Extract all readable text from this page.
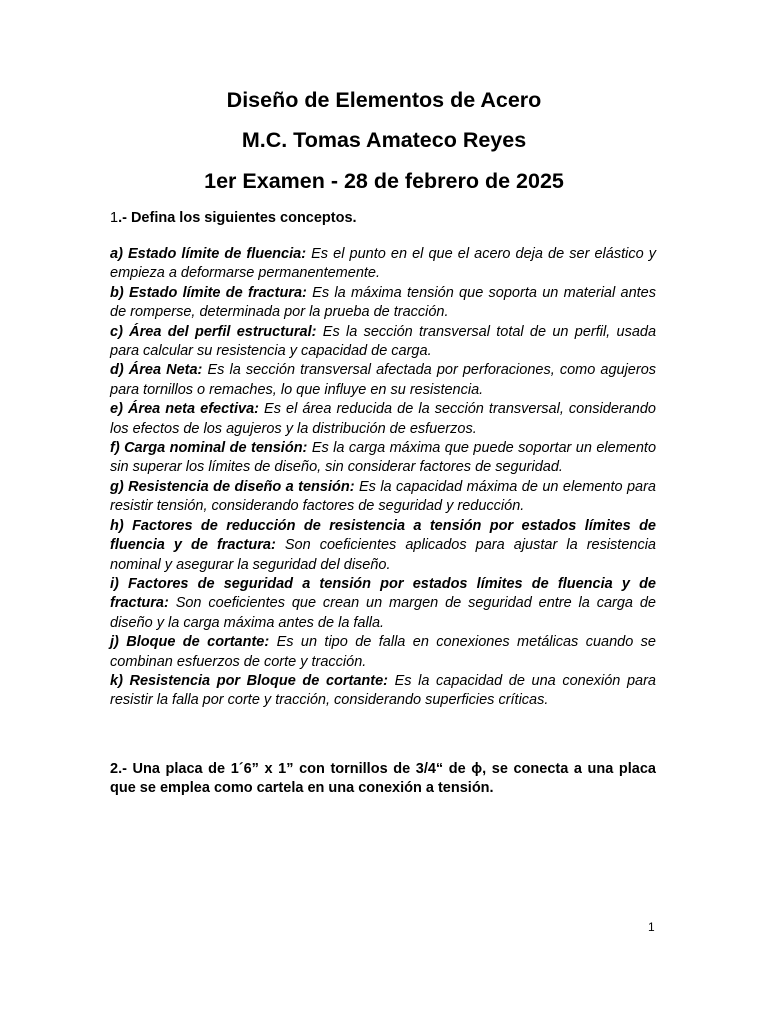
Diseño de Elementos de Acero
M.C. Tomas Amateco Reyes
1er Examen - 28 de febrero de 2025
1.- Defina los siguientes conceptos.
a) Estado límite de fluencia: Es el punto en el que el acero deja de ser elástico y empieza a deformarse permanentemente.
b) Estado límite de fractura: Es la máxima tensión que soporta un material antes de romperse, determinada por la prueba de tracción.
c) Área del perfil estructural: Es la sección transversal total de un perfil, usada para calcular su resistencia y capacidad de carga.
d) Área Neta: Es la sección transversal afectada por perforaciones, como agujeros para tornillos o remaches, lo que influye en su resistencia.
e) Área neta efectiva: Es el área reducida de la sección transversal, considerando los efectos de los agujeros y la distribución de esfuerzos.
f) Carga nominal de tensión: Es la carga máxima que puede soportar un elemento sin superar los límites de diseño, sin considerar factores de seguridad.
g) Resistencia de diseño a tensión: Es la capacidad máxima de un elemento para resistir tensión, considerando factores de seguridad y reducción.
h) Factores de reducción de resistencia a tensión por estados límites de fluencia y de fractura: Son coeficientes aplicados para ajustar la resistencia nominal y asegurar la seguridad del diseño.
i) Factores de seguridad a tensión por estados límites de fluencia y de fractura: Son coeficientes que crean un margen de seguridad entre la carga de diseño y la carga máxima antes de la falla.
j) Bloque de cortante: Es un tipo de falla en conexiones metálicas cuando se combinan esfuerzos de corte y tracción.
k) Resistencia por Bloque de cortante: Es la capacidad de una conexión para resistir la falla por corte y tracción, considerando superficies críticas.
2.- Una placa de 1´6” x 1” con tornillos de 3/4“ de ϕ, se conecta a una placa que se emplea como cartela en una conexión a tensión.
1
